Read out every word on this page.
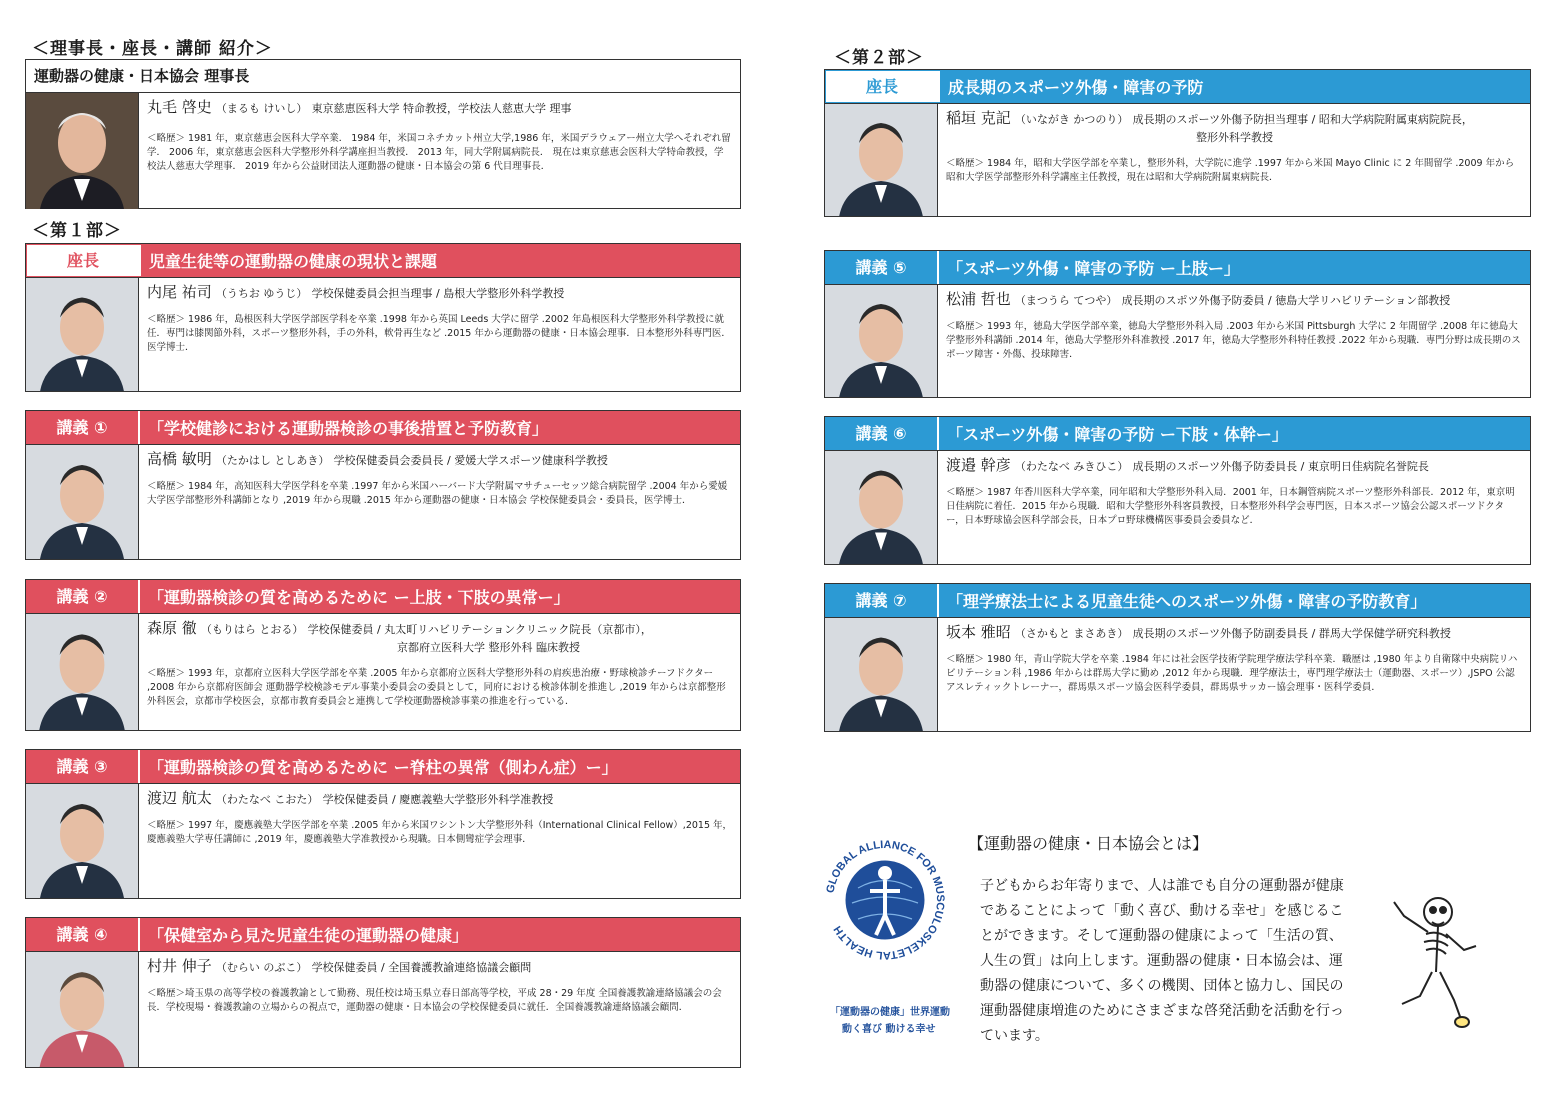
＜理事長・座長・講師 紹介＞
運動器の健康・日本協会 理事長
丸毛 啓史 （まるも けいし） 東京慈恵医科大学 特命教授，学校法人慈恵大学 理事
＜略歴＞ 1981 年，東京慈恵会医科大学卒業． 1984 年，米国コネチカット州立大学,1986 年，米国デラウェアー州立大学へそれぞれ留学． 2006 年，東京慈恵会医科大学整形外科学講座担当教授． 2013 年，同大学附属病院長． 現在は東京慈恵会医科大学特命教授，学校法人慈恵大学理事． 2019 年から公益財団法人運動器の健康・日本協会の第 6 代目理事長．
＜第１部＞
座長	児童生徒等の運動器の健康の現状と課題
内尾 祐司 （うちお ゆうじ） 学校保健委員会担当理事 / 島根大学整形外科学教授
＜略歴＞ 1986 年，島根医科大学医学部医学科を卒業 .1998 年から英国 Leeds 大学に留学 .2002 年島根医科大学整形外科学教授に就任．専門は膝関節外科，スポーツ整形外科，手の外科，軟骨再生など .2015 年から運動器の健康・日本協会理事．日本整形外科専門医．医学博士．
講義 ①	「学校健診における運動器検診の事後措置と予防教育」
高橋 敏明 （たかはし としあき） 学校保健委員会委員長 / 愛媛大学スポーツ健康科学教授
＜略歴＞ 1984 年，高知医科大学医学科を卒業 .1997 年から米国ハーバード大学附属マサチューセッツ総合病院留学 .2004 年から愛媛大学医学部整形外科講師となり ,2019 年から現職 .2015 年から運動器の健康・日本協会 学校保健委員会・委員長，医学博士．
講義 ②	「運動器検診の質を高めるために ー上肢・下肢の異常ー」
森原 徹 （もりはら とおる） 学校保健委員 / 丸太町リハビリテーションクリニック院長（京都市），
京都府立医科大学 整形外科 臨床教授
＜略歴＞ 1993 年，京都府立医科大学医学部を卒業 .2005 年から京都府立医科大学整形外科の肩疾患治療・野球検診チーフドクター ,2008 年から京都府医師会 運動器学校検診モデル事業小委員会の委員として，同府における検診体制を推進し ,2019 年からは京都整形外科医会，京都市学校医会，京都市教育委員会と連携して学校運動器検診事業の推進を行っている．
講義 ③	「運動器検診の質を高めるために ー脊柱の異常（側わん症）ー」
渡辺 航太 （わたなべ こおた） 学校保健委員 / 慶應義塾大学整形外科学准教授
＜略歴＞ 1997 年，慶應義塾大学医学部を卒業 .2005 年から米国ワシントン大学整形外科（International Clinical Fellow）,2015 年，慶應義塾大学専任講師に ,2019 年，慶應義塾大学准教授から現職。日本側彎症学会理事．
講義 ④	「保健室から見た児童生徒の運動器の健康」
村井 伸子 （むらい のぶこ） 学校保健委員 / 全国養護教諭連絡協議会顧問
＜略歴＞埼玉県の高等学校の養護教諭として勤務、現任校は埼玉県立春日部高等学校，平成 28・29 年度 全国養護教諭連絡協議会の会長．学校現場・養護教諭の立場からの視点で，運動器の健康・日本協会の学校保健委員に就任．全国養護教諭連絡協議会顧問．
＜第２部＞
座長	成長期のスポーツ外傷・障害の予防
稲垣 克記 （いながき かつのり） 成長期のスポーツ外傷予防担当理事 / 昭和大学病院附属東病院院長，
整形外科学教授
＜略歴＞ 1984 年，昭和大学医学部を卒業し，整形外科，大学院に進学 .1997 年から米国 Mayo Clinic に 2 年間留学 .2009 年から昭和大学医学部整形外科学講座主任教授，現在は昭和大学病院附属東病院長．
講義 ⑤	「スポーツ外傷・障害の予防 ー上肢ー」
松浦 哲也 （まつうら てつや） 成長期のスポツ外傷予防委員 / 徳島大学リハビリテーション部教授
＜略歴＞ 1993 年，徳島大学医学部卒業，徳島大学整形外科入局 .2003 年から米国 Pittsburgh 大学に 2 年間留学 .2008 年に徳島大学整形外科講師 .2014 年，徳島大学整形外科准教授 .2017 年，徳島大学整形外科特任教授 .2022 年から現職．専門分野は成長期のスポーツ障害・外傷、投球障害．
講義 ⑥	「スポーツ外傷・障害の予防 ー下肢・体幹ー」
渡邉 幹彦 （わたなべ みきひこ） 成長期のスポーツ外傷予防委員長 / 東京明日佳病院名誉院長
＜略歴＞ 1987 年香川医科大学卒業，同年昭和大学整形外科入局．2001 年，日本鋼管病院スポーツ整形外科部長．2012 年，東京明日佳病院に着任．2015 年から現職．昭和大学整形外科客員教授，日本整形外科学会専門医，日本スポーツ協会公認スポーツドクター，日本野球協会医科学部会長，日本プロ野球機構医事委員会委員など．
講義 ⑦	「理学療法士による児童生徒へのスポーツ外傷・障害の予防教育」
坂本 雅昭 （さかもと まさあき） 成長期のスポーツ外傷予防副委員長 / 群馬大学保健学研究科教授
＜略歴＞ 1980 年，青山学院大学を卒業 .1984 年には社会医学技術学院理学療法学科卒業．職歴は ,1980 年より自衛隊中央病院リハビリテーション科 ,1986 年からは群馬大学に勤め ,2012 年から現職．理学療法士，専門理学療法士（運動器、スポーツ）,JSPO 公認アスレティックトレーナー，群馬県スポーツ協会医科学委員，群馬県サッカー協会理事・医科学委員．
GLOBAL ALLIANCE FOR MUSCULOSKELETAL HEALTH
「運動器の健康」世界運動
動く喜び 動ける幸せ
【運動器の健康・日本協会とは】
子どもからお年寄りまで、人は誰でも自分の運動器が健康
であることによって「動く喜び、動ける幸せ」を感じるこ
とができます。そして運動器の健康によって「生活の質、
人生の質」は向上します。運動器の健康・日本協会は、運
動器の健康について、多くの機関、団体と協力し、国民の
運動器健康増進のためにさまざまな啓発活動を活動を行っ
ています。
